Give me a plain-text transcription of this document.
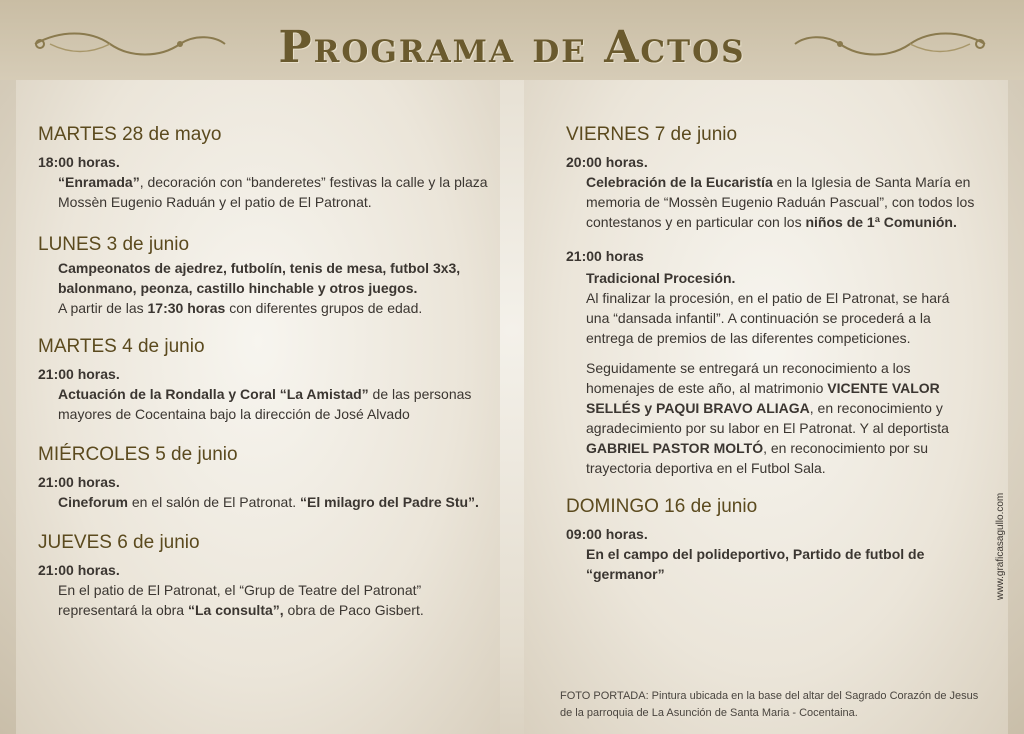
Programa de Actos
MARTES 28 de mayo

18:00 horas.

“Enramada”, decoración con “banderetes” festivas la calle y la plaza Mossèn Eugenio Raduán y el patio de El Patronat.

LUNES 3 de junio

Campeonatos de ajedrez, futbolín, tenis de mesa, futbol 3x3, balonmano, peonza, castillo hinchable y otros juegos.
A partir de las 17:30 horas con diferentes grupos de edad.

MARTES 4 de junio

21:00 horas.

Actuación de la Rondalla y Coral “La Amistad” de las personas mayores de Cocentaina bajo la dirección de José Alvado

MIÉRCOLES 5 de junio

21:00 horas.

Cineforum en el salón de El Patronat. “El milagro del Padre Stu”.

JUEVES 6 de junio

21:00 horas.

En el patio de El Patronat, el “Grup de Teatre del Patronat” representará la obra “La consulta”, obra de Paco Gisbert.

VIERNES 7 de junio

20:00 horas.

Celebración de la Eucaristía en la Iglesia de Santa María en memoria de “Mossèn Eugenio Raduán Pascual”, con todos los contestanos y en particular con los niños de 1ª Comunión.

21:00 horas

Tradicional Procesión.
Al finalizar la procesión, en el patio de El Patronat, se hará una “dansada infantil”. A continuación se procederá a la entrega de premios de las diferentes competiciones.

Seguidamente se entregará un reconocimiento a los homenajes de este año, al matrimonio VICENTE VALOR SELLÉS y PAQUI BRAVO ALIAGA, en reconocimiento y agradecimiento por su labor en El Patronat. Y al deportista GABRIEL PASTOR MOLTÓ, en reconocimiento por su trayectoria deportiva en el Futbol Sala.

DOMINGO 16 de junio

09:00 horas.

En el campo del polideportivo, Partido de futbol de “germanor”

FOTO PORTADA: Pintura ubicada en la base del altar del Sagrado Corazón de Jesus de la parroquia de La Asunción de Santa Maria - Cocentaina.
www.graficasagullo.com
